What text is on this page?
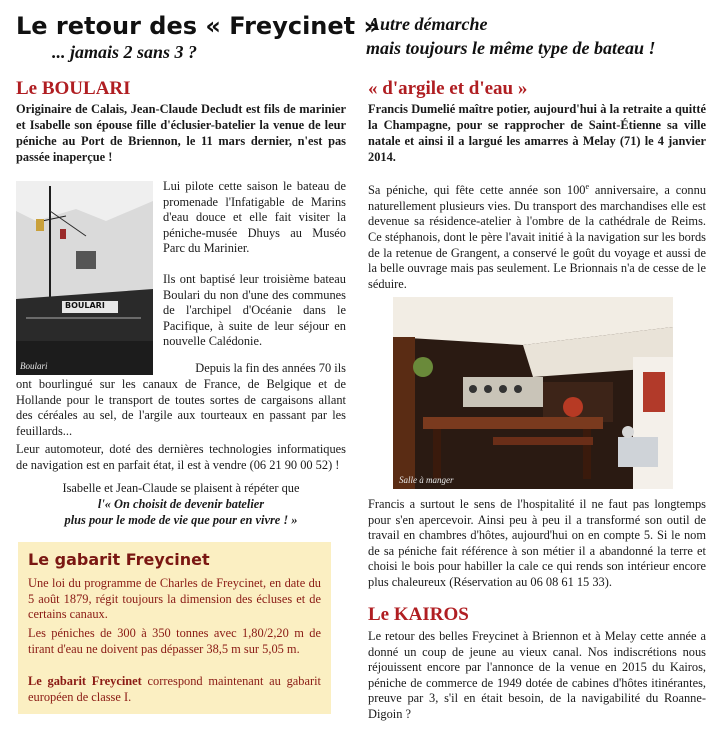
Le retour des « Freycinet »
... jamais 2 sans 3 ?
Le BOULARI
Originaire de Calais, Jean-Claude Decludt est fils de marinier et Isabelle son épouse fille d'éclusier-batelier la venue de leur péniche au Port de Briennon, le 11 mars dernier, n'est pas passée inaperçue !
BOULARI
Boulari
Lui pilote cette saison le bateau de promenade l'Infatigable de Marins d'eau douce et elle fait visiter la péniche-musée Dhuys au Muséo Parc du Marinier.
Ils ont baptisé leur troisième bateau Boulari du non d'une des communes de l'archipel d'Océanie dans le Pacifique, à suite de leur séjour en nouvelle Calédonie.
Depuis la fin des années 70 ils
ont bourlingué sur les canaux de France, de Belgique et de Hollande pour le transport de toutes sortes de cargaisons allant des céréales au sel, de l'argile aux tourteaux en passant par les feuillards...
Leur automoteur, doté des dernières technologies informatiques de navigation est en parfait état, il est à vendre (06 21 90 00 52) !
Isabelle et Jean-Claude se plaisent à répéter que
l'« On choisit de devenir batelier
plus pour le mode de vie que pour en vivre ! »
Le gabarit Freycinet
Une loi du programme de Charles de Freycinet, en date du 5 août 1879, régit toujours la dimension des écluses et de certains canaux.
Les péniches de 300 à 350 tonnes avec 1,80/2,20 m de tirant d'eau ne doivent pas dépasser 38,5 m sur 5,05 m.
Le gabarit Freycinet correspond maintenant au gabarit européen de classe I.
Autre démarche
mais toujours le même type de bateau !
« d'argile et d'eau »
Francis Dumelié maître potier, aujourd'hui à la retraite a quitté la Champagne, pour se rapprocher de Saint-Étienne sa ville natale et ainsi il a largué les amarres à Melay (71) le 4 janvier 2014.
Sa péniche, qui fête cette année son 100e anniversaire, a connu naturellement plusieurs vies. Du transport des marchandises elle est devenue sa résidence-atelier à l'ombre de la cathédrale de Reims. Ce stéphanois, dont le père l'avait initié à la navigation sur les bords de la retenue de Grangent, a conservé le goût du voyage et aussi de la belle ouvrage mais pas seulement. Le Brionnais n'a de cesse de le séduire.
Salle à manger
Francis a surtout le sens de l'hospitalité il ne faut pas longtemps pour s'en apercevoir. Ainsi peu à peu il a transformé son outil de travail en chambres d'hôtes, aujourd'hui on en compte 5. Si le nom de sa péniche fait référence à son métier il a abandonné la terre et choisi le bois pour habiller la cale ce qui rends son intérieur encore plus chaleureux (Réservation au 06 08 61 15 33).
Le KAIROS
Le retour des belles Freycinet à Briennon et à Melay cette année a donné un coup de jeune au vieux canal. Nos indiscrétions nous réjouissent encore par l'annonce de la venue en 2015 du Kairos, péniche de commerce de 1949 dotée de cabines d'hôtes itinérantes, preuve par 3, s'il en était besoin, de la navigabilité du Roanne-Digoin ?
